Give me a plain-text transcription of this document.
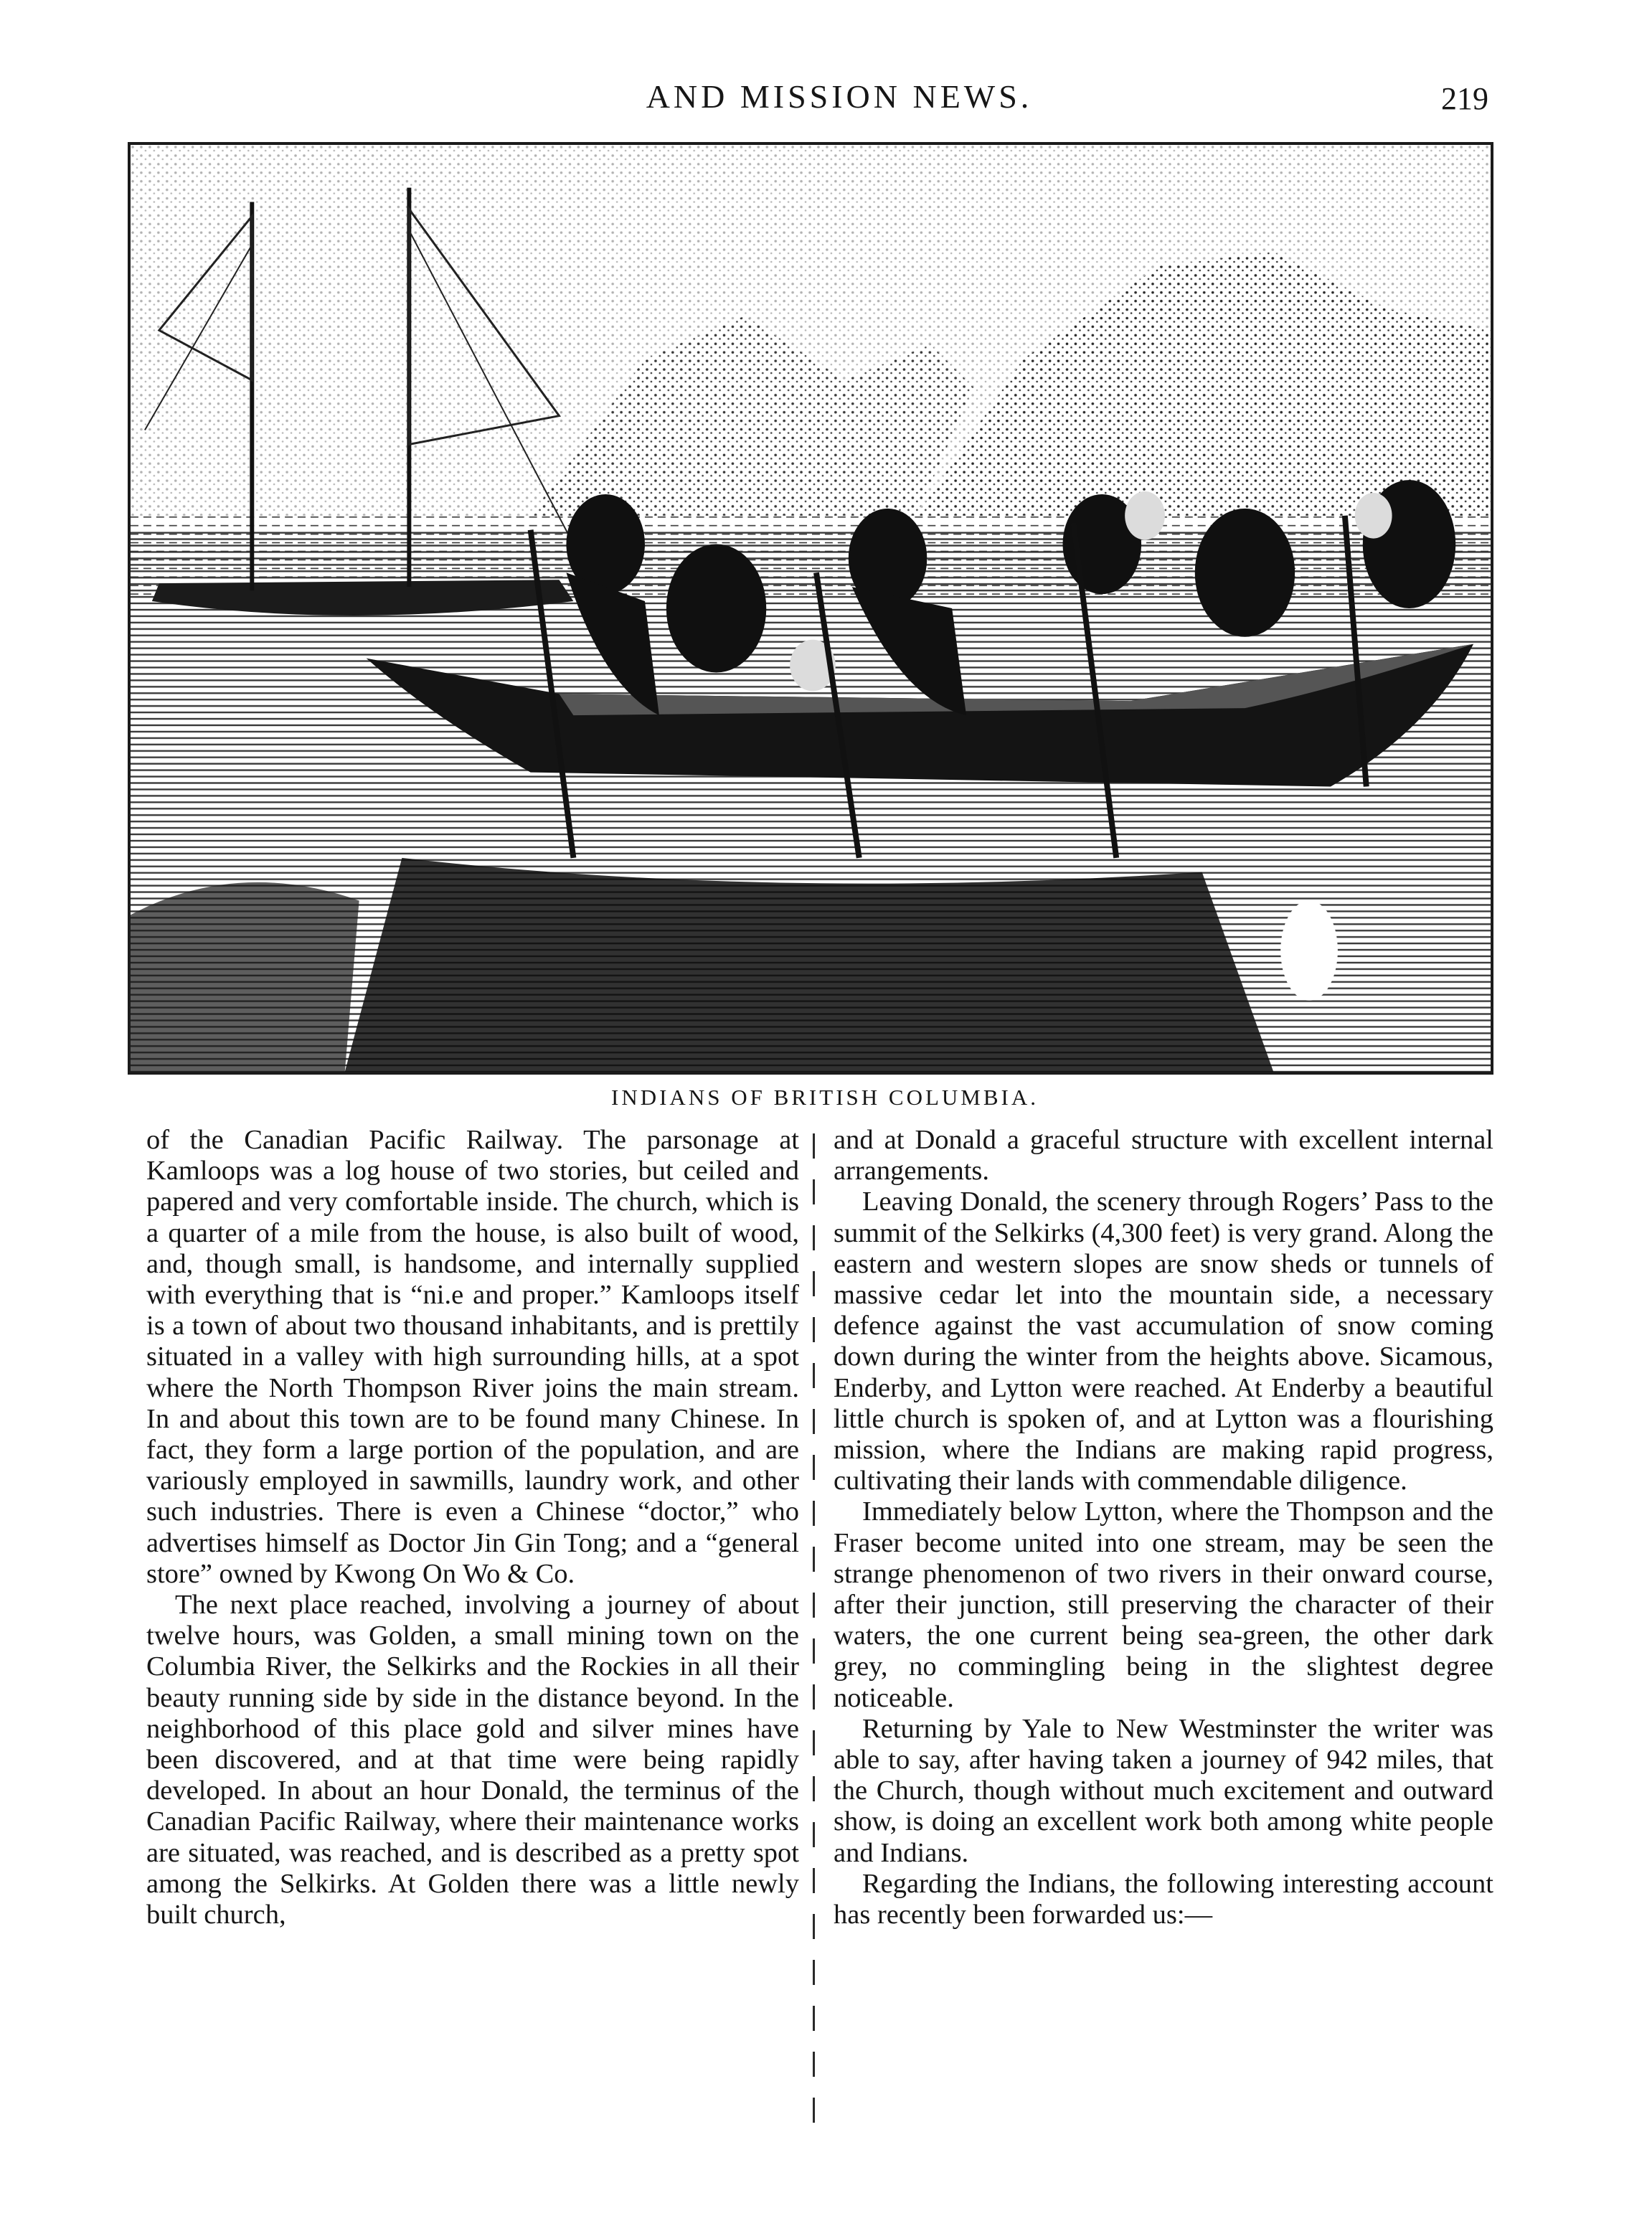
AND MISSION NEWS.	219
INDIANS OF BRITISH COLUMBIA.

of the Canadian Pacific Railway. The parsonage at Kamloops was a log house of two stories, but ceiled and papered and very comfortable inside. The church, which is a quarter of a mile from the house, is also built of wood, and, though small, is handsome, and internally supplied with everything that is “ni.e and proper.” Kamloops itself is a town of about two thousand inhabitants, and is prettily situated in a valley with high surrounding hills, at a spot where the North Thompson River joins the main stream. In and about this town are to be found many Chinese. In fact, they form a large portion of the population, and are variously employed in sawmills, laundry work, and other such industries. There is even a Chinese “doctor,” who advertises himself as Doctor Jin Gin Tong; and a “general store” owned by Kwong On Wo & Co.

The next place reached, involving a journey of about twelve hours, was Golden, a small mining town on the Columbia River, the Selkirks and the Rockies in all their beauty running side by side in the distance beyond. In the neighborhood of this place gold and silver mines have been discovered, and at that time were being rapidly developed. In about an hour Donald, the terminus of the Canadian Pacific Railway, where their maintenance works are situated, was reached, and is described as a pretty spot among the Selkirks. At Golden there was a little newly built church,

and at Donald a graceful structure with excellent internal arrangements.

Leaving Donald, the scenery through Rogers’ Pass to the summit of the Selkirks (4,300 feet) is very grand. Along the eastern and western slopes are snow sheds or tunnels of massive cedar let into the mountain side, a necessary defence against the vast accumulation of snow coming down during the winter from the heights above. Sicamous, Enderby, and Lytton were reached. At Enderby a beautiful little church is spoken of, and at Lytton was a flourishing mission, where the Indians are making rapid progress, cultivating their lands with commendable diligence.

Immediately below Lytton, where the Thompson and the Fraser become united into one stream, may be seen the strange phenomenon of two rivers in their onward course, after their junction, still preserving the character of their waters, the one current being sea-green, the other dark grey, no commingling being in the slightest degree noticeable.

Returning by Yale to New Westminster the writer was able to say, after having taken a journey of 942 miles, that the Church, though without much excitement and outward show, is doing an excellent work both among white people and Indians.

Regarding the Indians, the following interesting account has recently been forwarded us:—
